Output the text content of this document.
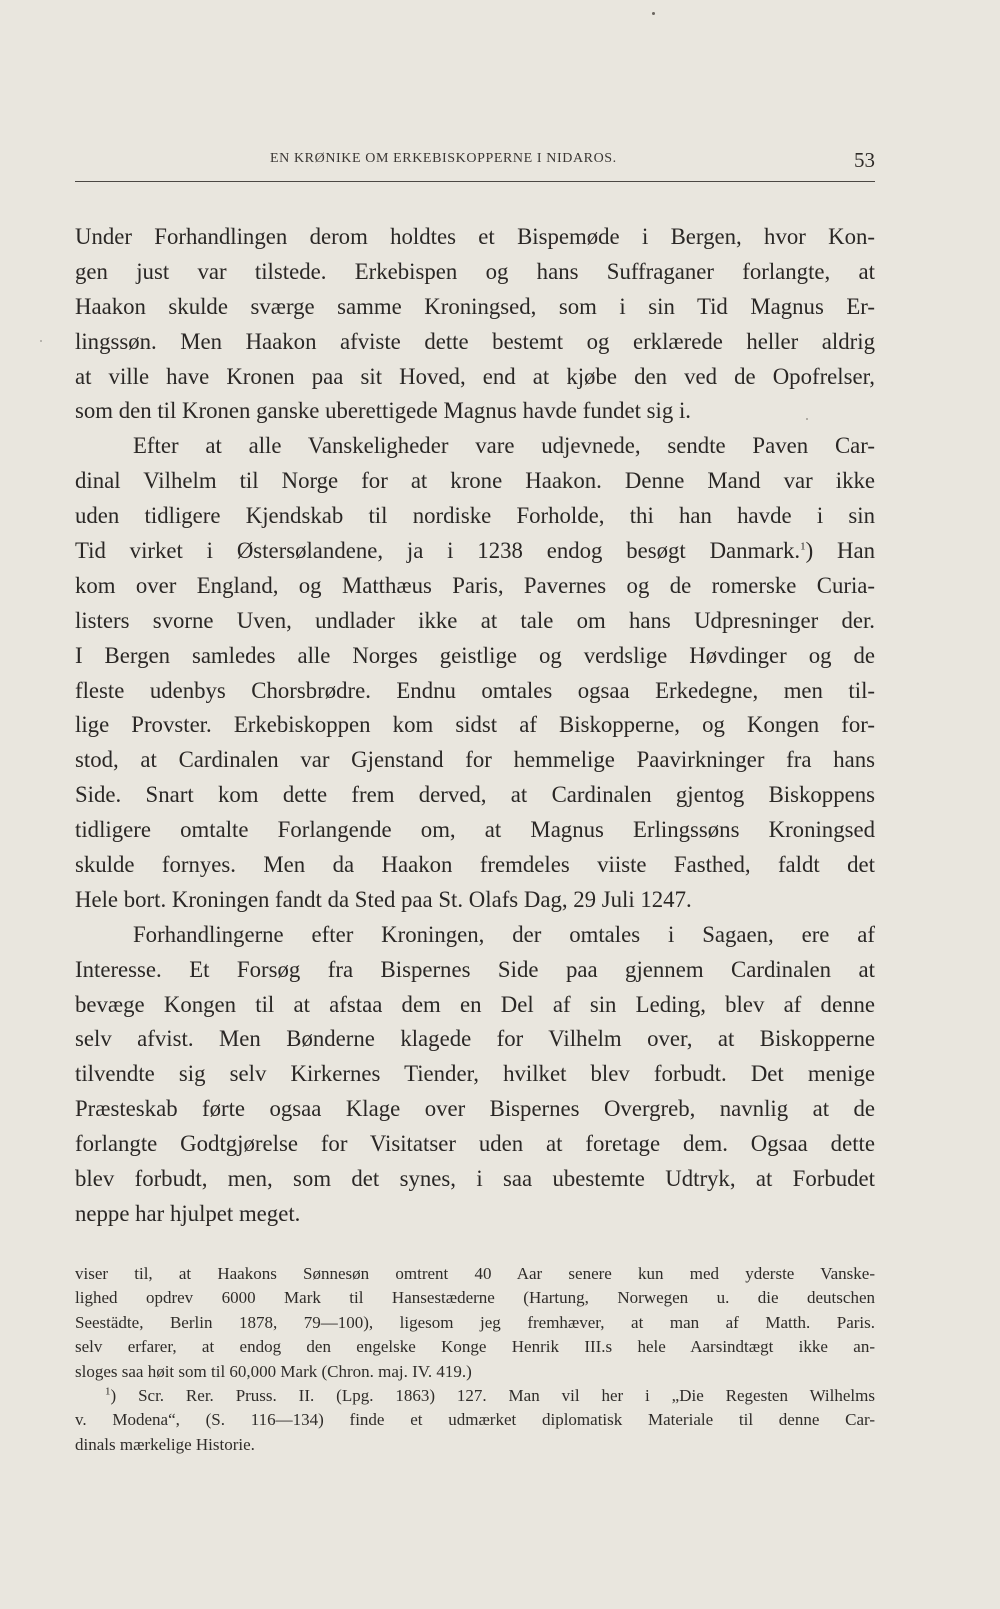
EN KRØNIKE OM ERKEBISKOPPERNE I NIDAROS.	53
Under Forhandlingen derom holdtes et Bispemøde i Bergen, hvor Kon-
gen just var tilstede. Erkebispen og hans Suffraganer forlangte, at
Haakon skulde sværge samme Kroningsed, som i sin Tid Magnus Er-
lingssøn. Men Haakon afviste dette bestemt og erklærede heller aldrig
at ville have Kronen paa sit Hoved, end at kjøbe den ved de Opofrelser,
som den til Kronen ganske uberettigede Magnus havde fundet sig i.
Efter at alle Vanskeligheder vare udjevnede, sendte Paven Car-
dinal Vilhelm til Norge for at krone Haakon. Denne Mand var ikke
uden tidligere Kjendskab til nordiske Forholde, thi han havde i sin
Tid virket i Østersølandene, ja i 1238 endog besøgt Danmark.$^1$) Han
kom over England, og Matthæus Paris, Pavernes og de romerske Curia-
listers svorne Uven, undlader ikke at tale om hans Udpresninger der.
I Bergen samledes alle Norges geistlige og verdslige Høvdinger og de
fleste udenbys Chorsbrødre. Endnu omtales ogsaa Erkedegne, men til-
lige Provster. Erkebiskoppen kom sidst af Biskopperne, og Kongen for-
stod, at Cardinalen var Gjenstand for hemmelige Paavirkninger fra hans
Side. Snart kom dette frem derved, at Cardinalen gjentog Biskoppens
tidligere omtalte Forlangende om, at Magnus Erlingssøns Kroningsed
skulde fornyes. Men da Haakon fremdeles viiste Fasthed, faldt det
Hele bort. Kroningen fandt da Sted paa St. Olafs Dag, 29 Juli 1247.
Forhandlingerne efter Kroningen, der omtales i Sagaen, ere af
Interesse. Et Forsøg fra Bispernes Side paa gjennem Cardinalen at
bevæge Kongen til at afstaa dem en Del af sin Leding, blev af denne
selv afvist. Men Bønderne klagede for Vilhelm over, at Biskopperne
tilvendte sig selv Kirkernes Tiender, hvilket blev forbudt. Det menige
Præsteskab førte ogsaa Klage over Bispernes Overgreb, navnlig at de
forlangte Godtgjørelse for Visitatser uden at foretage dem. Ogsaa dette
blev forbudt, men, som det synes, i saa ubestemte Udtryk, at Forbudet
neppe har hjulpet meget.
viser til, at Haakons Sønnesøn omtrent 40 Aar senere kun med yderste Vanske-
lighed opdrev 6000 Mark til Hansestæderne (Hartung, Norwegen u. die deutschen
Seestädte, Berlin 1878, 79—100), ligesom jeg fremhæver, at man af Matth. Paris.
selv erfarer, at endog den engelske Konge Henrik III.s hele Aarsindtægt ikke an-
sloges saa høit som til 60,000 Mark (Chron. maj. IV. 419.)
$^1$) Scr. Rer. Pruss. II. (Lpg. 1863) 127. Man vil her i „Die Regesten Wilhelms
v. Modena“, (S. 116—134) finde et udmærket diplomatisk Materiale til denne Car-
dinals mærkelige Historie.
